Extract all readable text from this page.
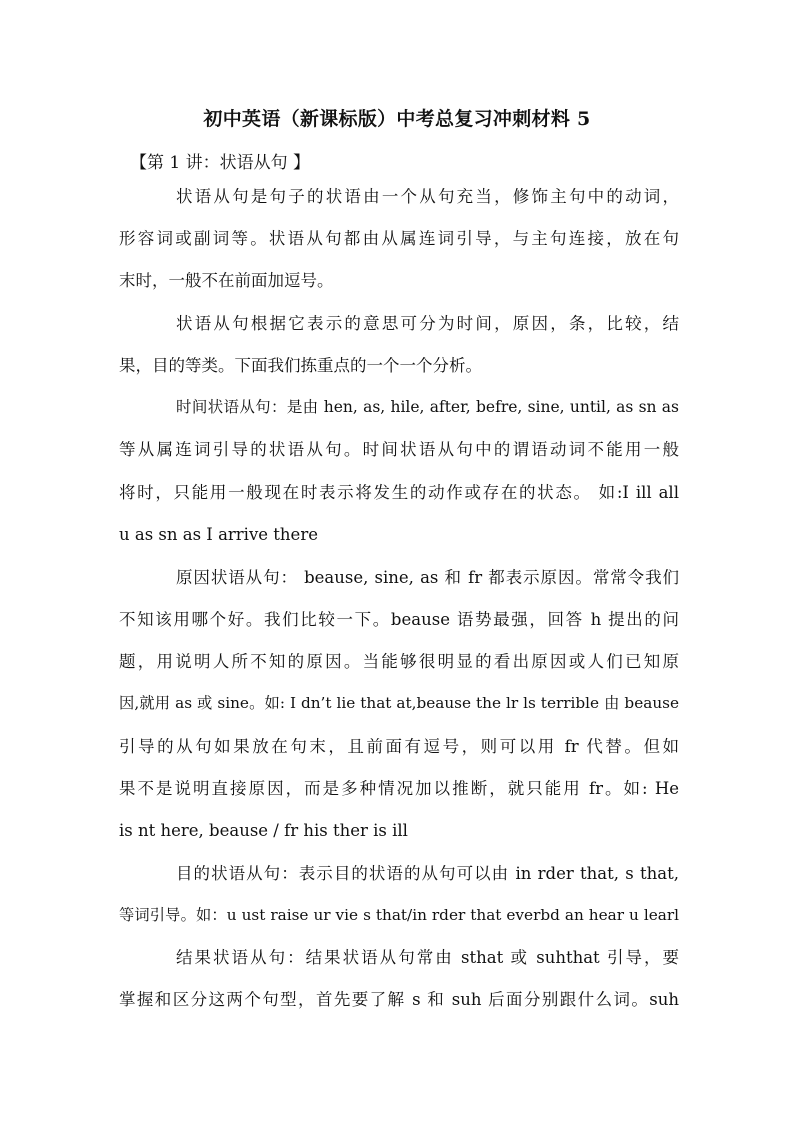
初中英语（新课标版）中考总复习冲刺材料 5
【第 1 讲：状语从句 】
状语从句是句子的状语由一个从句充当，修饰主句中的动词，
形容词或副词等。状语从句都由从属连词引导，与主句连接，放在句
末时，一般不在前面加逗号。
状语从句根据它表示的意思可分为时间，原因，条，比较，结
果，目的等类。下面我们拣重点的一个一个分析。
时间状语从句：是由 hen, as, hile, after, befre, sine, until, as sn as
等从属连词引导的状语从句。时间状语从句中的谓语动词不能用一般
将时，只能用一般现在时表示将发生的动作或存在的状态。 如:I ill all
u as sn as I arrive there
原因状语从句： beause, sine, as 和 fr 都表示原因。常常令我们
不知该用哪个好。我们比较一下。beause 语势最强，回答 h 提出的问
题，用说明人所不知的原因。当能够很明显的看出原因或人们已知原
因,就用 as 或 sine。如: I dn’t lie that at,beause the lr ls terrible 由 beause
引导的从句如果放在句末，且前面有逗号，则可以用 fr 代替。但如
果不是说明直接原因，而是多种情况加以推断，就只能用 fr。如: He
is nt here, beause / fr his ther is ill
目的状语从句：表示目的状语的从句可以由 in rder that, s that,
等词引导。如：u ust raise ur vie s that/in rder that everbd an hear u learl
结果状语从句：结果状语从句常由 sthat 或 suhthat 引导，要
掌握和区分这两个句型，首先要了解 s 和 suh 后面分别跟什么词。suh
